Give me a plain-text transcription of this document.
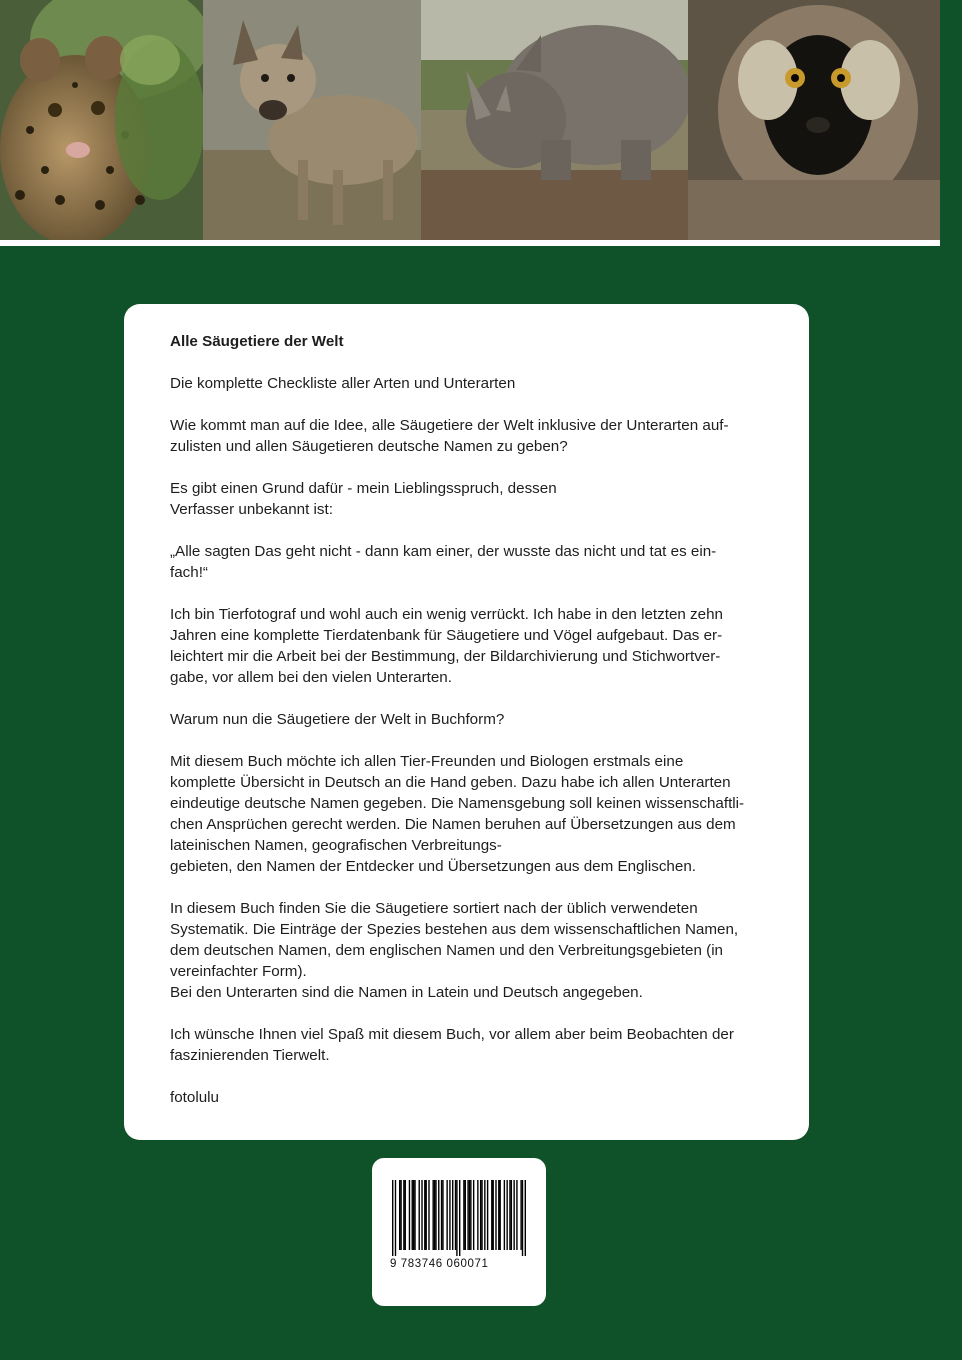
Alle Säugetiere der Welt

Die komplette Checkliste aller Arten und Unterarten

Wie kommt man auf die Idee, alle Säugetiere der Welt inklusive der Unterarten auf-
zulisten und allen Säugetieren deutsche Namen zu geben?

Es gibt einen Grund dafür - mein Lieblingsspruch, dessen
Verfasser unbekannt ist:

„Alle sagten Das geht nicht - dann kam einer, der wusste das nicht und tat es ein-
fach!“

Ich bin Tierfotograf und wohl auch ein wenig verrückt. Ich habe in den letzten zehn
Jahren eine komplette Tierdatenbank für Säugetiere und Vögel aufgebaut. Das er-
leichtert mir die Arbeit bei der Bestimmung, der Bildarchivierung und Stichwortver-
gabe, vor allem bei den vielen Unterarten.

Warum nun die Säugetiere der Welt in Buchform?

Mit diesem Buch möchte ich allen Tier-Freunden und Biologen erstmals eine
komplette Übersicht in Deutsch an die Hand geben. Dazu habe ich allen Unterarten
eindeutige deutsche Namen gegeben. Die Namensgebung soll keinen wissenschaftli-
chen Ansprüchen gerecht werden. Die Namen beruhen auf Übersetzungen aus dem
lateinischen Namen, geografischen Verbreitungs-
gebieten, den Namen der Entdecker und Übersetzungen aus dem Englischen.

In diesem Buch finden Sie die Säugetiere sortiert nach der üblich verwendeten
Systematik. Die Einträge der Spezies bestehen aus dem wissenschaftlichen Namen,
dem deutschen Namen, dem englischen Namen und den Verbreitungsgebieten (in
vereinfachter Form).
Bei den Unterarten sind die Namen in Latein und Deutsch angegeben.

Ich wünsche Ihnen viel Spaß mit diesem Buch, vor allem aber beim Beobachten der
faszinierenden Tierwelt.

fotolulu

9 783746 060071
